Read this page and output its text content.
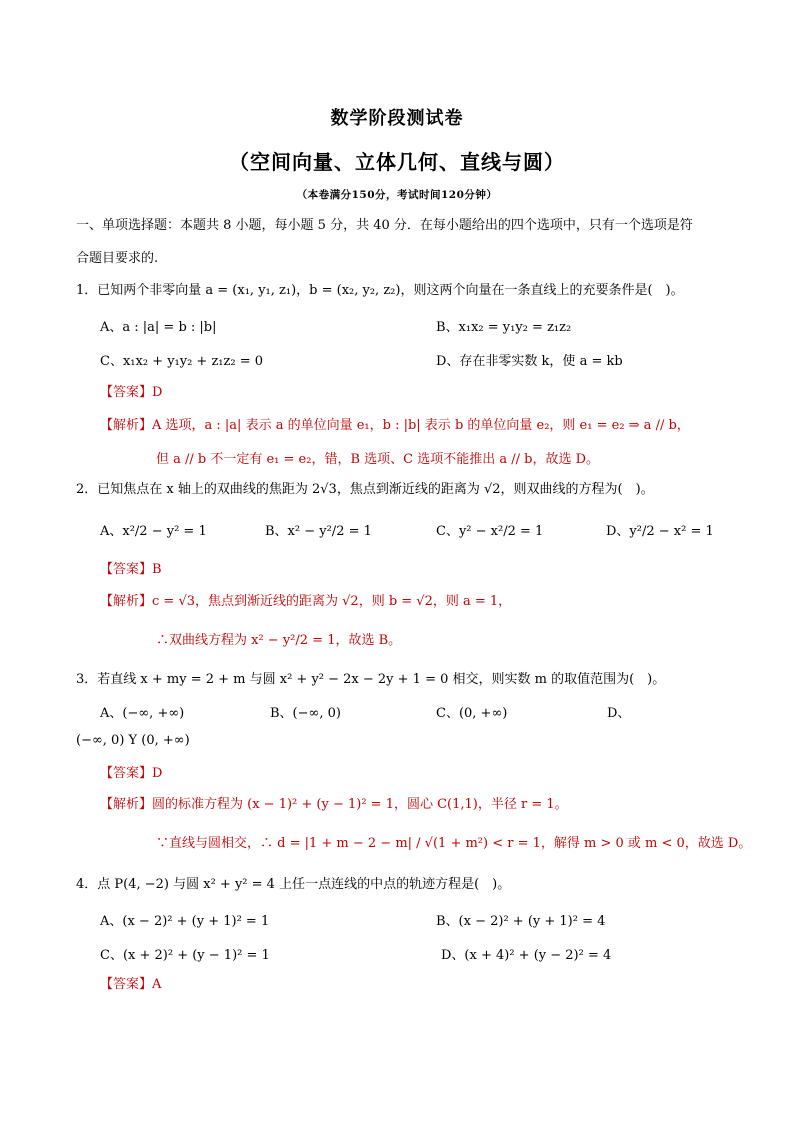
数学阶段测试卷
（空间向量、立体几何、直线与圆）
（本卷满分150分，考试时间120分钟）
一、单项选择题：本题共 8 小题，每小题 5 分，共 40 分．在每小题给出的四个选项中，只有一个选项是符
合题目要求的.
1．已知两个非零向量 a = (x₁, y₁, z₁)，b = (x₂, y₂, z₂)，则这两个向量在一条直线上的充要条件是(　)。
A、a : |a| = b : |b|	B、x₁x₂ = y₁y₂ = z₁z₂
C、x₁x₂ + y₁y₂ + z₁z₂ = 0	D、存在非零实数 k，使 a = kb
【答案】D
【解析】A 选项，a : |a| 表示 a 的单位向量 e₁，b : |b| 表示 b 的单位向量 e₂，则 e₁ = e₂ ⇒ a // b，
但 a // b 不一定有 e₁ = e₂，错，B 选项、C 选项不能推出 a // b，故选 D。
2．已知焦点在 x 轴上的双曲线的焦距为 2√3，焦点到渐近线的距离为 √2，则双曲线的方程为(　)。
A、x²/2 − y² = 1	B、x² − y²/2 = 1	C、y² − x²/2 = 1	D、y²/2 − x² = 1
【答案】B
【解析】c = √3，焦点到渐近线的距离为 √2，则 b = √2，则 a = 1，
∴双曲线方程为 x² − y²/2 = 1，故选 B。
3．若直线 x + my = 2 + m 与圆 x² + y² − 2x − 2y + 1 = 0 相交，则实数 m 的取值范围为(　)。
A、(−∞, +∞)	B、(−∞, 0)	C、(0, +∞)	D、
(−∞, 0) Y (0, +∞)
【答案】D
【解析】圆的标准方程为 (x − 1)² + (y − 1)² = 1，圆心 C(1,1)，半径 r = 1。
∵直线与圆相交，∴ d = |1 + m − 2 − m| / √(1 + m²) < r = 1，解得 m > 0 或 m < 0，故选 D。
4．点 P(4, −2) 与圆 x² + y² = 4 上任一点连线的中点的轨迹方程是(　)。
A、(x − 2)² + (y + 1)² = 1	B、(x − 2)² + (y + 1)² = 4
C、(x + 2)² + (y − 1)² = 1	D、(x + 4)² + (y − 2)² = 4
【答案】A
